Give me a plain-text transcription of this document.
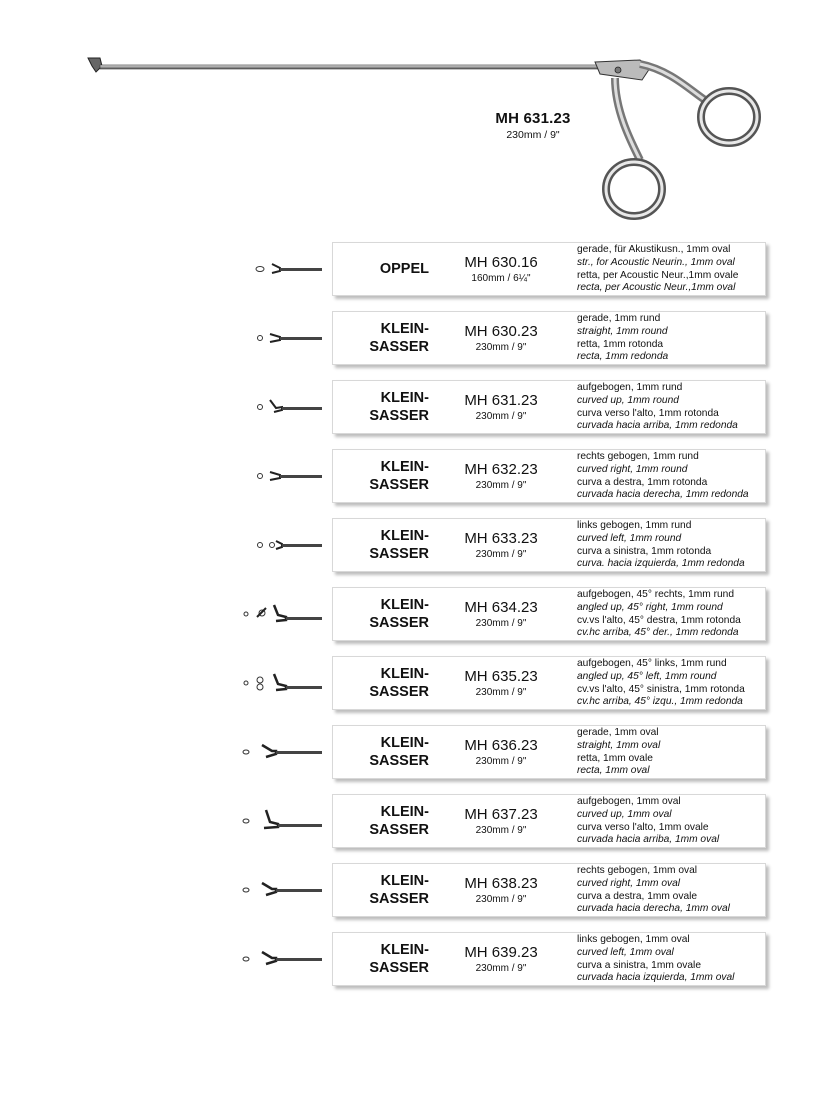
MH 631.23
230mm / 9"
OPPEL MH 630.16
160mm / 6¼"
gerade, für Akustikusn., 1mm oval
str., for Acoustic Neurin., 1mm oval
retta, per Acoustic Neur.,1mm ovale
recta, per Acoustic Neur.,1mm oval
KLEIN-
SASSER
MH 630.23
230mm / 9"
gerade, 1mm rund
straight, 1mm round
retta, 1mm rotonda
recta, 1mm redonda
KLEIN-
SASSER
MH 631.23
230mm / 9"
aufgebogen, 1mm rund
curved up, 1mm round
curva verso l'alto, 1mm rotonda
curvada hacia arriba, 1mm redonda
KLEIN-
SASSER
MH 632.23
230mm / 9"
rechts gebogen, 1mm rund
curved right, 1mm round
curva a destra, 1mm rotonda
curvada hacia derecha, 1mm redonda
KLEIN-
SASSER
MH 633.23
230mm / 9"
links gebogen, 1mm rund
curved left, 1mm round
curva a sinistra, 1mm rotonda
curva. hacia izquierda, 1mm redonda
KLEIN-
SASSER
MH 634.23
230mm / 9"
aufgebogen, 45° rechts, 1mm rund
angled up, 45° right, 1mm round
cv.vs l'alto, 45° destra, 1mm rotonda
cv.hc arriba, 45° der., 1mm redonda
KLEIN-
SASSER
MH 635.23
230mm / 9"
aufgebogen, 45° links, 1mm rund
angled up, 45° left, 1mm round
cv.vs l'alto, 45° sinistra, 1mm rotonda
cv.hc arriba, 45° izqu., 1mm redonda
KLEIN-
SASSER
MH 636.23
230mm / 9"
gerade, 1mm oval
straight, 1mm oval
retta, 1mm ovale
recta, 1mm oval
KLEIN-
SASSER
MH 637.23
230mm / 9"
aufgebogen, 1mm oval
curved up, 1mm oval
curva verso l'alto, 1mm ovale
curvada hacia arriba, 1mm oval
KLEIN-
SASSER
MH 638.23
230mm / 9"
rechts gebogen, 1mm oval
curved right, 1mm oval
curva a destra, 1mm ovale
curvada hacia derecha, 1mm oval
KLEIN-
SASSER
MH 639.23
230mm / 9"
links gebogen, 1mm oval
curved left, 1mm oval
curva a sinistra, 1mm ovale
curvada hacia izquierda, 1mm oval
